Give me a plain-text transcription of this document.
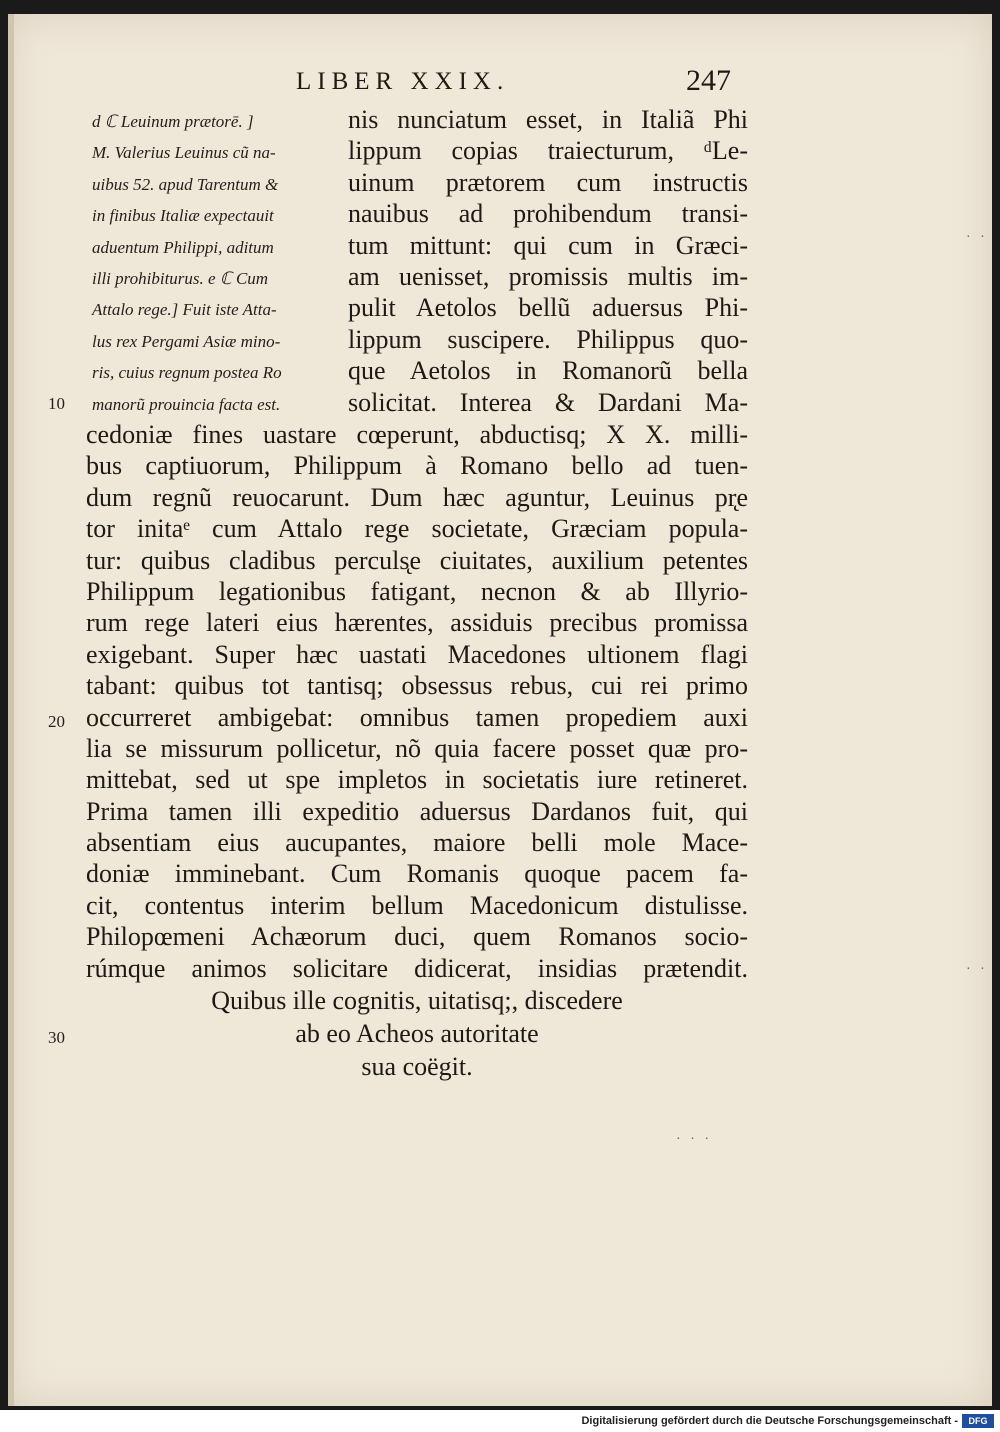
LIBER XXIX.	247
d ℂ Leuinum prætorē. ]
M. Valerius Leuinus cũ na-
uibus 52. apud Tarentum &
in finibus Italiæ expectauit
aduentum Philippi, aditum
illi prohibiturus. e ℂ Cum
Attalo rege.] Fuit iste Atta-
lus rex Pergami Asiæ mino-
ris, cuius regnum postea Ro
manorũ prouincia facta est.
nis nunciatum esset, in Italiã Phi
lippum copias traiecturum, ᵈLe-
uinum prætorem cum instructis
nauibus ad prohibendum transi-
tum mittunt: qui cum in Græci-
am uenisset, promissis multis im-
pulit Aetolos bellũ aduersus Phi-
lippum suscipere. Philippus quo-
que Aetolos in Romanorũ bella
solicitat. Interea & Dardani Ma-
cedoniæ fines uastare cœperunt, abductisq; X X. milli-
bus captiuorum, Philippum à Romano bello ad tuen-
dum regnũ reuocarunt. Dum hæc aguntur, Leuinus pr̨e
tor initaᵉ cum Attalo rege societate, Græciam popula-
tur: quibus cladibus perculs̨e ciuitates, auxilium petentes
Philippum legationibus fatigant, necnon & ab Illyrio-
rum rege lateri eius hærentes, assiduis precibus promissa
exigebant. Super hæc uastati Macedones ultionem flagi
tabant: quibus tot tantisq; obsessus rebus, cui rei primo
occurreret ambigebat: omnibus tamen propediem auxi
lia se missurum pollicetur, nõ quia facere posset quæ pro-
mittebat, sed ut spe impletos in societatis iure retineret.
Prima tamen illi expeditio aduersus Dardanos fuit, qui
absentiam eius aucupantes, maiore belli mole Mace-
doniæ imminebant. Cum Romanis quoque pacem fa-
cit, contentus interim bellum Macedonicum distulisse.
Philopœmeni Achæorum duci, quem Romanos socio-
rúmque animos solicitare didicerat, insidias prætendit.
Quibus ille cognitis, uitatisq;, discedere
ab eo Acheos autoritate
sua coëgit.
10
20
30
· · ·
· ·
· ·
Digitalisierung gefördert durch die Deutsche Forschungsgemeinschaft -	DFG
